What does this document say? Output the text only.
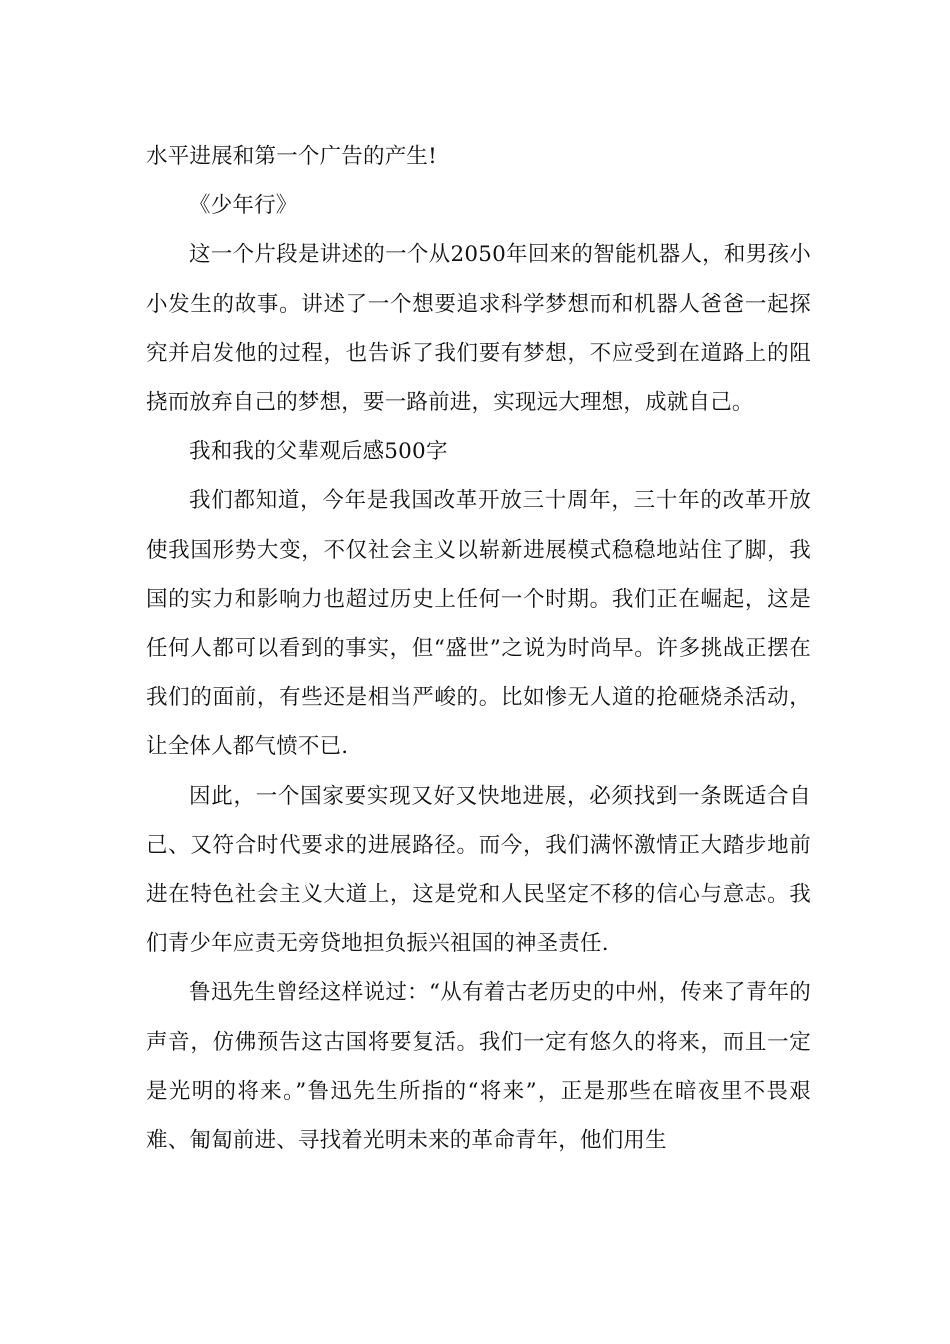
水平进展和第一个广告的产生!

《少年行》

这一个片段是讲述的一个从2050年回来的智能机器人，和男孩小小发生的故事。讲述了一个想要追求科学梦想而和机器人爸爸一起探究并启发他的过程，也告诉了我们要有梦想，不应受到在道路上的阻挠而放弃自己的梦想，要一路前进，实现远大理想，成就自己。

我和我的父辈观后感500字

我们都知道，今年是我国改革开放三十周年，三十年的改革开放使我国形势大变，不仅社会主义以崭新进展模式稳稳地站住了脚，我国的实力和影响力也超过历史上任何一个时期。我们正在崛起，这是任何人都可以看到的事实，但“盛世”之说为时尚早。许多挑战正摆在我们的面前，有些还是相当严峻的。比如惨无人道的抢砸烧杀活动，让全体人都气愤不已.

因此，一个国家要实现又好又快地进展，必须找到一条既适合自己、又符合时代要求的进展路径。而今，我们满怀激情正大踏步地前进在特色社会主义大道上，这是党和人民坚定不移的信心与意志。我们青少年应责无旁贷地担负振兴祖国的神圣责任.

鲁迅先生曾经这样说过：“从有着古老历史的中州，传来了青年的声音，仿佛预告这古国将要复活。我们一定有悠久的将来，而且一定是光明的将来。”鲁迅先生所指的“将来”，正是那些在暗夜里不畏艰难、匍匐前进、寻找着光明未来的革命青年，他们用生
